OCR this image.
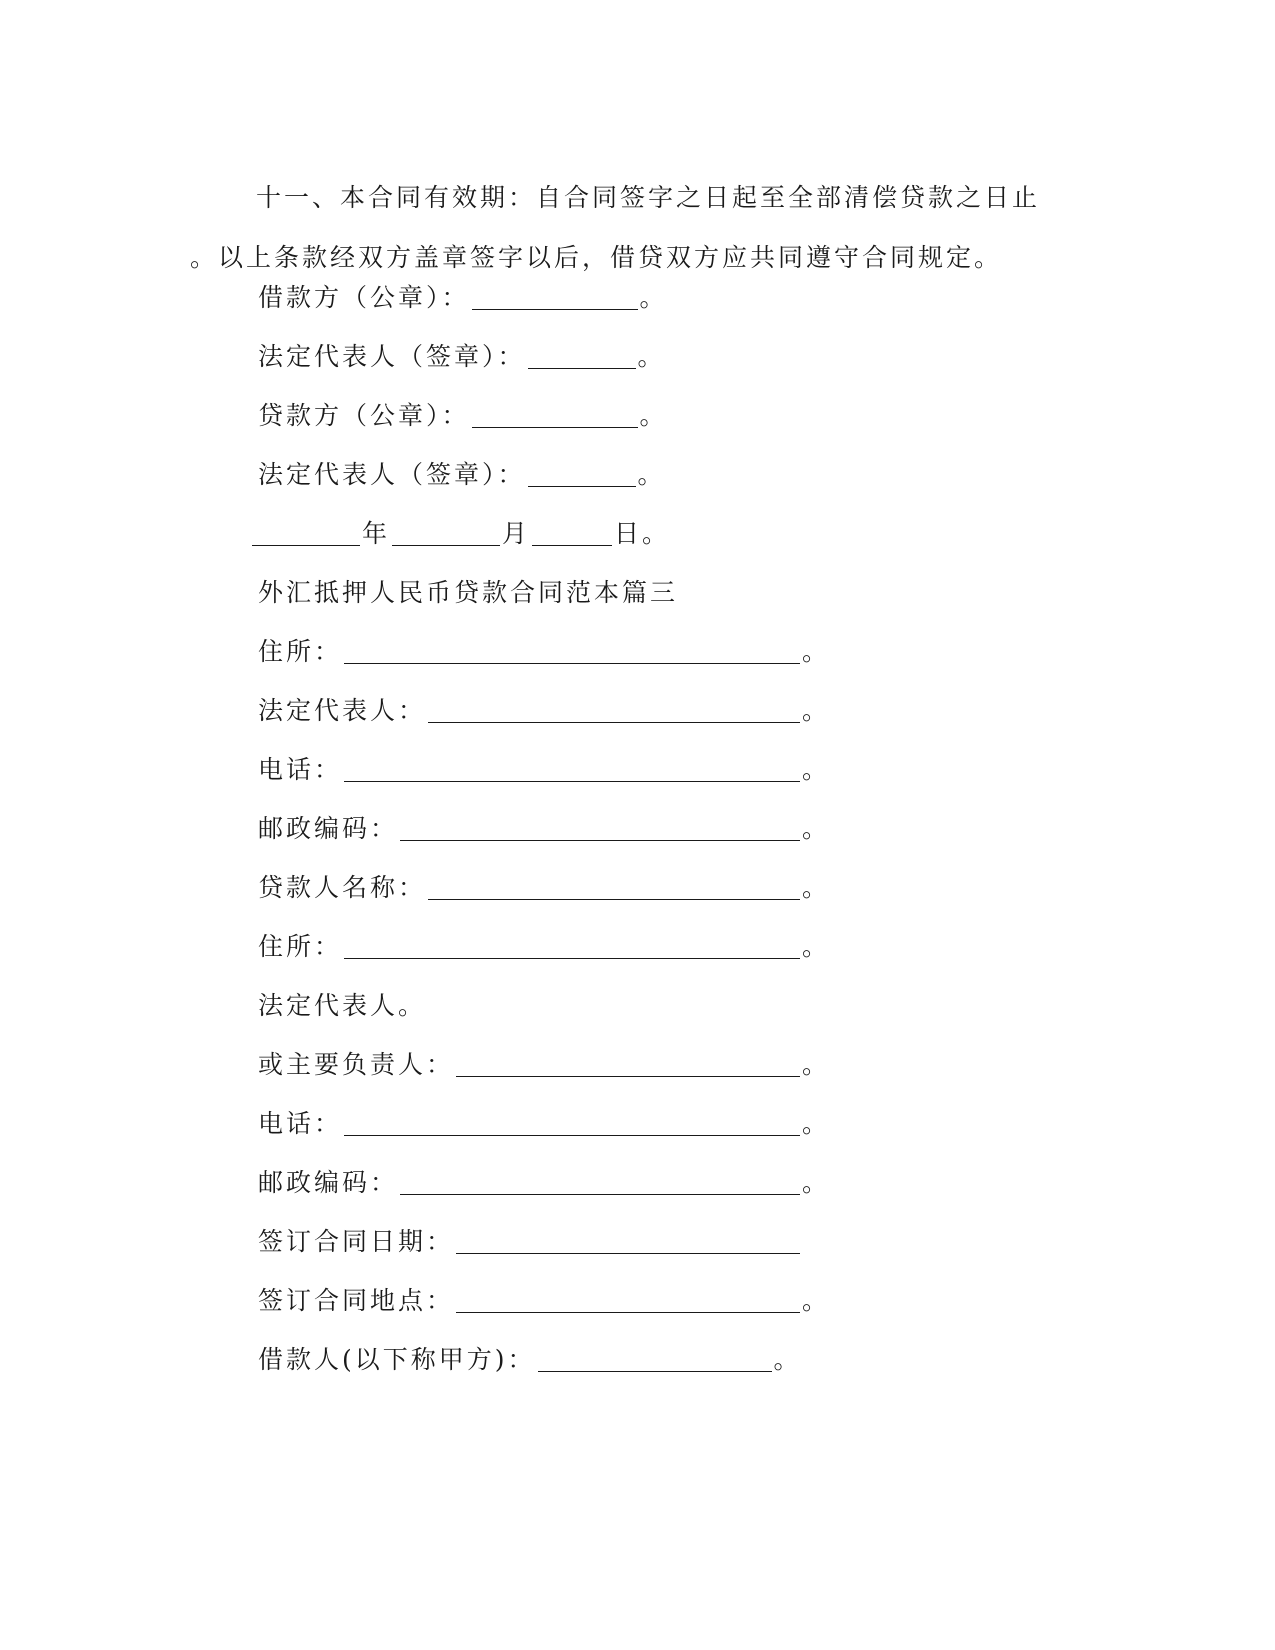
十一、本合同有效期：自合同签字之日起至全部清偿贷款之日止
。以上条款经双方盖章签字以后，借贷双方应共同遵守合同规定。
借款方（公章）：	。
法定代表人（签章）：	。
贷款方（公章）：	。
法定代表人（签章）：	。
年	月	日。
外汇抵押人民币贷款合同范本篇三
住所：	。
法定代表人：	。
电话：	。
邮政编码：	。
贷款人名称：	。
住所：	。
法定代表人。
或主要负责人：	。
电话：	。
邮政编码：	。
签订合同日期：
签订合同地点：	。
借款人(以下称甲方)：	。
